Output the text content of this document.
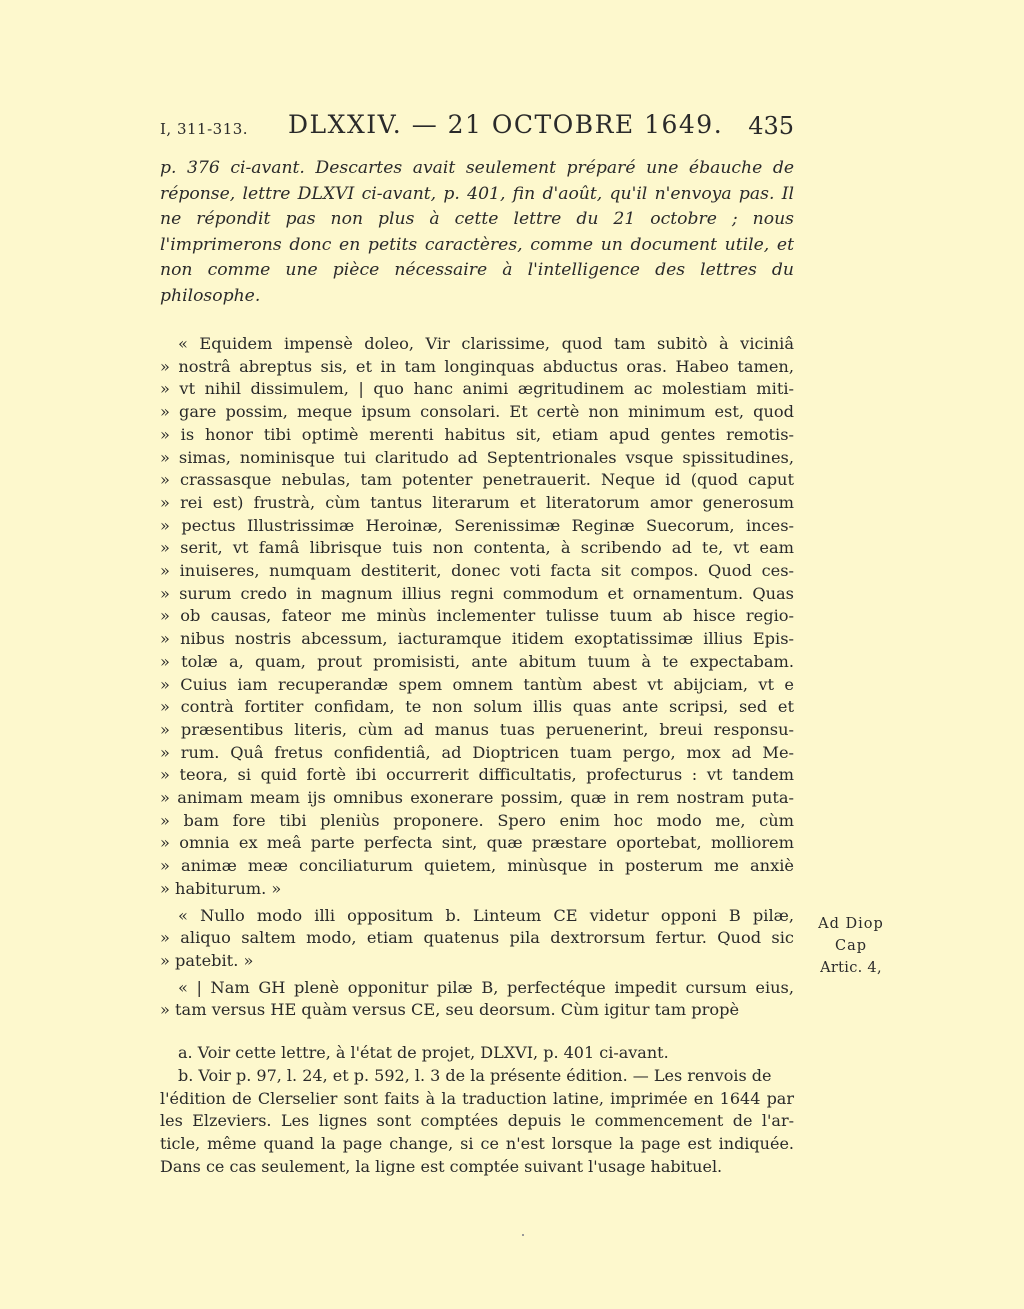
I, 311-313. DLXXIV. — 21 OCTOBRE 1649. 435

p. 376 ci-avant. Descartes avait seulement préparé une ébauche de réponse, lettre DLXVI ci-avant, p. 401, fin d'août, qu'il n'envoya pas. Il ne répondit pas non plus à cette lettre du 21 octobre ; nous l'imprimerons donc en petits caractères, comme un document utile, et non comme une pièce nécessaire à l'intelligence des lettres du philosophe.

« Equidem impensè doleo, Vir clarissime, quod tam subitò à viciniâ
» nostrâ abreptus sis, et in tam longinquas abductus oras. Habeo tamen,
» vt nihil dissimulem, | quo hanc animi ægritudinem ac molestiam miti-
» gare possim, meque ipsum consolari. Et certè non minimum est, quod
» is honor tibi optimè merenti habitus sit, etiam apud gentes remotis-
» simas, nominisque tui claritudo ad Septentrionales vsque spissitudines,
» crassasque nebulas, tam potenter penetrauerit. Neque id (quod caput
» rei est) frustrà, cùm tantus literarum et literatorum amor generosum
» pectus Illustrissimæ Heroinæ, Serenissimæ Reginæ Suecorum, inces-
» serit, vt famâ librisque tuis non contenta, à scribendo ad te, vt eam
» inuiseres, numquam destiterit, donec voti facta sit compos. Quod ces-
» surum credo in magnum illius regni commodum et ornamentum. Quas
» ob causas, fateor me minùs inclementer tulisse tuum ab hisce regio-
» nibus nostris abcessum, iacturamque itidem exoptatissimæ illius Epis-
» tolæ a, quam, prout promisisti, ante abitum tuum à te expectabam.
» Cuius iam recuperandæ spem omnem tantùm abest vt abijciam, vt e
» contrà fortiter confidam, te non solum illis quas ante scripsi, sed et
» præsentibus literis, cùm ad manus tuas peruenerint, breui responsu-
» rum. Quâ fretus confidentiâ, ad Dioptricen tuam pergo, mox ad Me-
» teora, si quid fortè ibi occurrerit difficultatis, profecturus : vt tandem
» animam meam ijs omnibus exonerare possim, quæ in rem nostram puta-
» bam fore tibi pleniùs proponere. Spero enim hoc modo me, cùm
» omnia ex meâ parte perfecta sint, quæ præstare oportebat, molliorem
» animæ meæ conciliaturum quietem, minùsque in posterum me anxiè
» habiturum. »
« Nullo modo illi oppositum b. Linteum CE videtur opponi B pilæ,
» aliquo saltem modo, etiam quatenus pila dextrorsum fertur. Quod sic
» patebit. »
« | Nam GH plenè opponitur pilæ B, perfectéque impedit cursum eius,
» tam versus HE quàm versus CE, seu deorsum. Cùm igitur tam propè
a. Voir cette lettre, à l'état de projet, DLXVI, p. 401 ci-avant.
b. Voir p. 97, l. 24, et p. 592, l. 3 de la présente édition. — Les renvois de
l'édition de Clerselier sont faits à la traduction latine, imprimée en 1644 par
les Elzeviers. Les lignes sont comptées depuis le commencement de l'ar-
ticle, même quand la page change, si ce n'est lorsque la page est indiquée.
Dans ce cas seulement, la ligne est comptée suivant l'usage habituel.
Ad Diop
Cap
Artic. 4,
